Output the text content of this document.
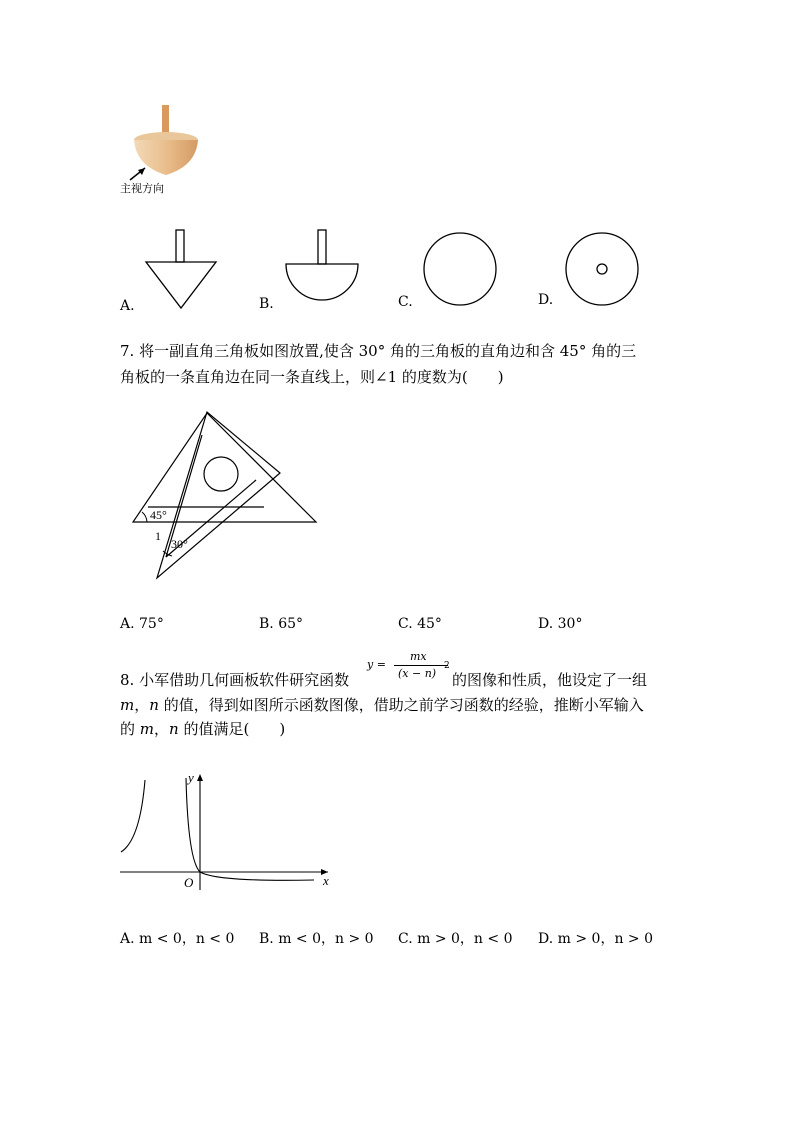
主视方向
A.	B.	C.	D.
7. 将一副直角三角板如图放置,使含 30° 角的三角板的直角边和含 45° 角的三
角板的一条直角边在同一条直线上，则∠1 的度数为(　　)
45°
30°
1
A. 75°	B. 65°	C. 45°	D. 30°
8. 小军借助几何画板软件研究函数
y =
mx
(x − n)
2
的图像和性质，他设定了一组
m，n 的值，得到如图所示函数图像，借助之前学习函数的经验，推断小军输入
的 m，n 的值满足(　　)
y
x
O
A. m < 0，n < 0 B. m < 0，n > 0 C. m > 0，n < 0 D. m > 0，n > 0
